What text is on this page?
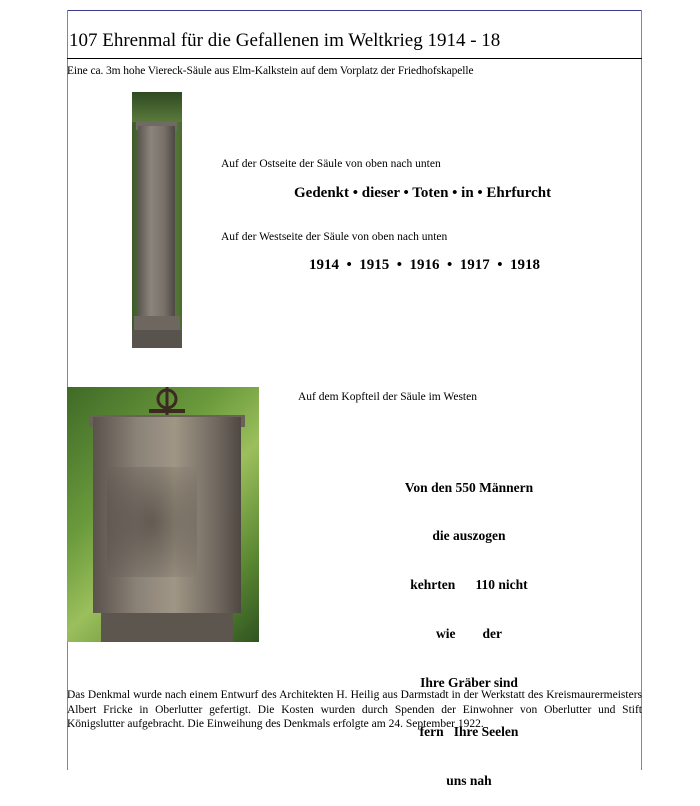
107 Ehrenmal für die Gefallenen im Weltkrieg 1914 - 18
Eine ca. 3m hohe Viereck-Säule aus Elm-Kalkstein auf dem Vorplatz der Friedhofskapelle
Auf der Ostseite der Säule von oben nach unten
Gedenkt • dieser • Toten • in • Ehrfurcht
Auf der Westseite der Säule von oben nach unten
1914  •  1915  •  1916  •  1917  •  1918
Auf dem Kopfteil der Säule im Westen

Von den 550 Männern

die auszogen

kehrten      110 nicht

wie        der

Ihre Gräber sind

fern   Ihre Seelen

uns nah

Das Denkmal wurde nach einem Entwurf des Architekten H. Heilig aus Darmstadt in der Werkstatt des Kreismaurermeisters Albert Fricke in Oberlutter gefertigt. Die Kosten wurden durch Spenden der Einwohner von Oberlutter und Stift Königslutter aufgebracht. Die Einweihung des Denkmals erfolgte am 24. September 1922.
